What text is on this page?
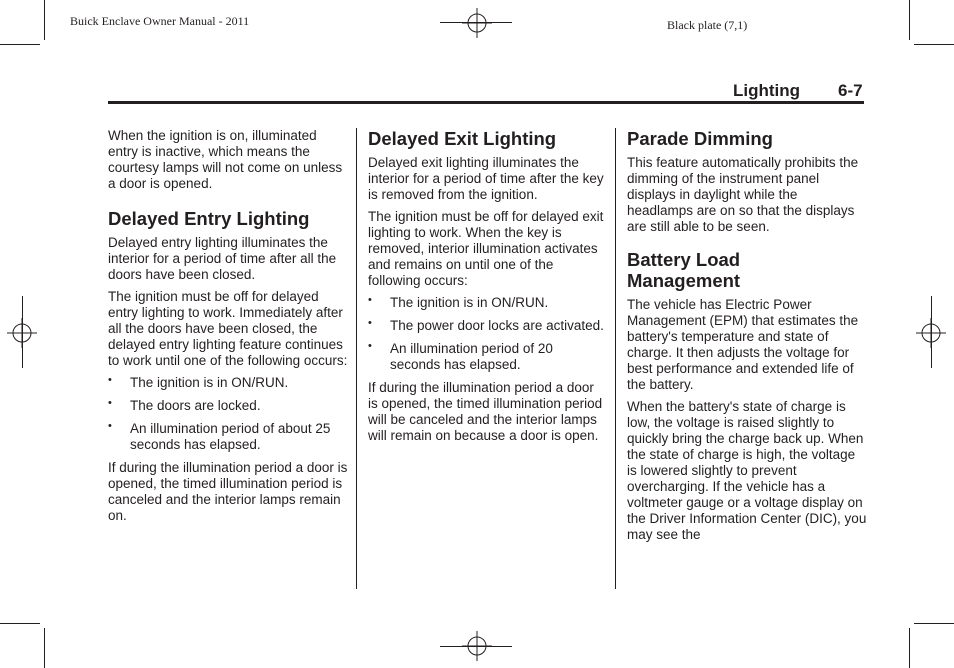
Buick Enclave Owner Manual - 2011	Black plate (7,1)
Lighting 6-7

When the ignition is on, illuminated entry is inactive, which means the courtesy lamps will not come on unless a door is opened.

Delayed Entry Lighting

Delayed entry lighting illuminates the interior for a period of time after all the doors have been closed.

The ignition must be off for delayed entry lighting to work. Immediately after all the doors have been closed, the delayed entry lighting feature continues to work until one of the following occurs:

• The ignition is in ON/RUN.
• The doors are locked.
• An illumination period of about 25 seconds has elapsed.

If during the illumination period a door is opened, the timed illumination period is canceled and the interior lamps remain on.

Delayed Exit Lighting

Delayed exit lighting illuminates the interior for a period of time after the key is removed from the ignition.

The ignition must be off for delayed exit lighting to work. When the key is removed, interior illumination activates and remains on until one of the following occurs:

• The ignition is in ON/RUN.
• The power door locks are activated.
• An illumination period of 20 seconds has elapsed.

If during the illumination period a door is opened, the timed illumination period will be canceled and the interior lamps will remain on because a door is open.

Parade Dimming

This feature automatically prohibits the dimming of the instrument panel displays in daylight while the headlamps are on so that the displays are still able to be seen.

Battery Load Management

The vehicle has Electric Power Management (EPM) that estimates the battery's temperature and state of charge. It then adjusts the voltage for best performance and extended life of the battery.

When the battery's state of charge is low, the voltage is raised slightly to quickly bring the charge back up. When the state of charge is high, the voltage is lowered slightly to prevent overcharging. If the vehicle has a voltmeter gauge or a voltage display on the Driver Information Center (DIC), you may see the
